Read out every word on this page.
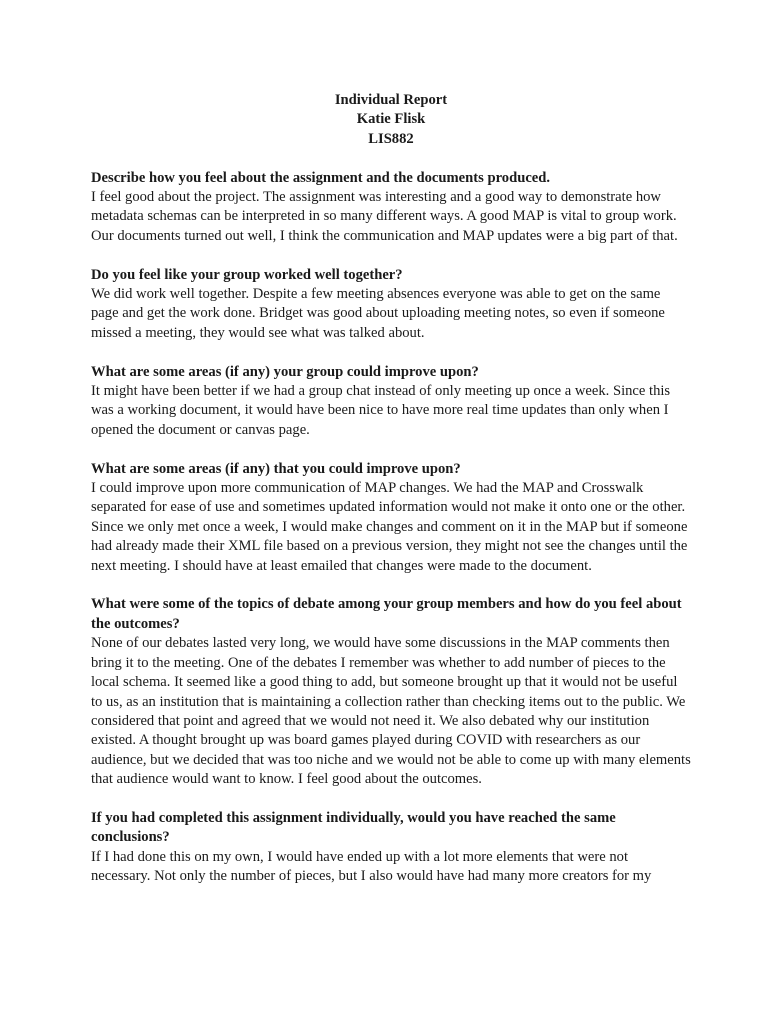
Individual Report
Katie Flisk
LIS882
Describe how you feel about the assignment and the documents produced.
I feel good about the project. The assignment was interesting and a good way to demonstrate how metadata schemas can be interpreted in so many different ways. A good MAP is vital to group work. Our documents turned out well, I think the communication and MAP updates were a big part of that.
Do you feel like your group worked well together?
We did work well together. Despite a few meeting absences everyone was able to get on the same page and get the work done. Bridget was good about uploading meeting notes, so even if someone missed a meeting, they would see what was talked about.
What are some areas (if any) your group could improve upon?
It might have been better if we had a group chat instead of only meeting up once a week. Since this was a working document, it would have been nice to have more real time updates than only when I opened the document or canvas page.
What are some areas (if any) that you could improve upon?
I could improve upon more communication of MAP changes. We had the MAP and Crosswalk separated for ease of use and sometimes updated information would not make it onto one or the other. Since we only met once a week, I would make changes and comment on it in the MAP but if someone had already made their XML file based on a previous version, they might not see the changes until the next meeting. I should have at least emailed that changes were made to the document.
What were some of the topics of debate among your group members and how do you feel about the outcomes?
None of our debates lasted very long, we would have some discussions in the MAP comments then bring it to the meeting. One of the debates I remember was whether to add number of pieces to the local schema. It seemed like a good thing to add, but someone brought up that it would not be useful to us, as an institution that is maintaining a collection rather than checking items out to the public. We considered that point and agreed that we would not need it. We also debated why our institution existed. A thought brought up was board games played during COVID with researchers as our audience, but we decided that was too niche and we would not be able to come up with many elements that audience would want to know. I feel good about the outcomes.
If you had completed this assignment individually, would you have reached the same conclusions?
If I had done this on my own, I would have ended up with a lot more elements that were not necessary. Not only the number of pieces, but I also would have had many more creators for my
